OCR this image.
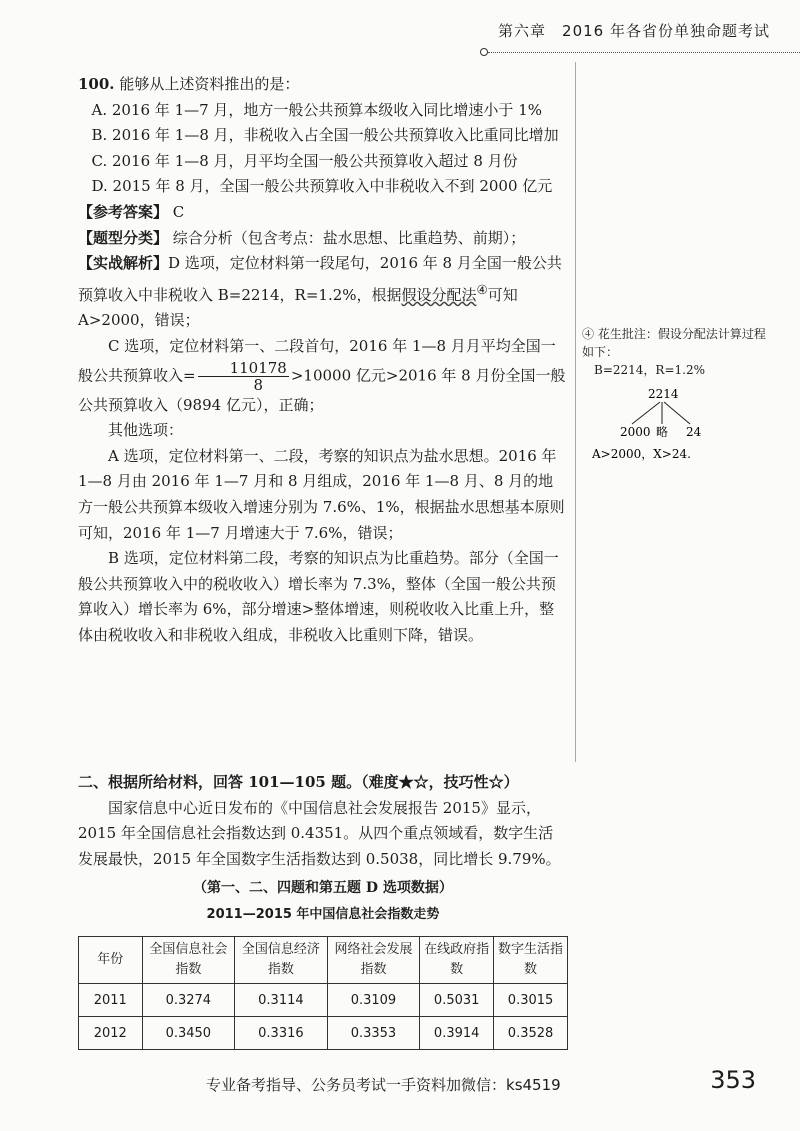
第六章　2016 年各省份单独命题考试

100. 能够从上述资料推出的是：

A. 2016 年 1—7 月，地方一般公共预算本级收入同比增速小于 1%

B. 2016 年 1—8 月，非税收入占全国一般公共预算收入比重同比增加

C. 2016 年 1—8 月，月平均全国一般公共预算收入超过 8 月份

D. 2015 年 8 月，全国一般公共预算收入中非税收入不到 2000 亿元

【参考答案】 C

【题型分类】 综合分析（包含考点：盐水思想、比重趋势、前期）；

【实战解析】D 选项，定位材料第一段尾句，2016 年 8 月全国一般公共预算收入中非税收入 B=2214，R=1.2%，根据假设分配法④可知 A>2000，错误；

C 选项，定位材料第一、二段首句，2016 年 1—8 月月平均全国一般公共预算收入= $\frac{110178}{8} >10000$ 亿元>2016 年 8 月份全国一般公共预算收入（9894 亿元），正确；

其他选项：

A 选项，定位材料第一、二段，考察的知识点为盐水思想。2016 年 1—8 月由 2016 年 1—7 月和 8 月组成，2016 年 1—8 月、8 月的地方一般公共预算本级收入增速分别为 7.6%、1%，根据盐水思想基本原则可知，2016 年 1—7 月增速大于 7.6%，错误；

B 选项，定位材料第二段，考察的知识点为比重趋势。部分（全国一般公共预算收入中的税收收入）增长率为 7.3%，整体（全国一般公共预算收入）增长率为 6%，部分增速>整体增速，则税收收入比重上升，整体由税收收入和非税收入组成，非税收入比重则下降，错误。

④ 花生批注：假设分配法计算过程如下：
B=2214，R=1.2%
2214
2000 略 24
A>2000，X>24.

二、根据所给材料，回答 101—105 题。（难度★☆，技巧性☆）

国家信息中心近日发布的《中国信息社会发展报告 2015》显示，2015 年全国信息社会指数达到 0.4351。从四个重点领域看，数字生活发展最快，2015 年全国数字生活指数达到 0.5038，同比增长 9.79%。

（第一、二、四题和第五题 D 选项数据）
2011—2015 年中国信息社会指数走势
年份	全国信息社会指数	全国信息经济指数	网络社会发展指数	在线政府指数	数字生活指数
2011	0.3274	0.3114	0.3109	0.5031	0.3015
2012	0.3450	0.3316	0.3353	0.3914	0.3528
专业备考指导、公务员考试一手资料加微信：ks4519	353
